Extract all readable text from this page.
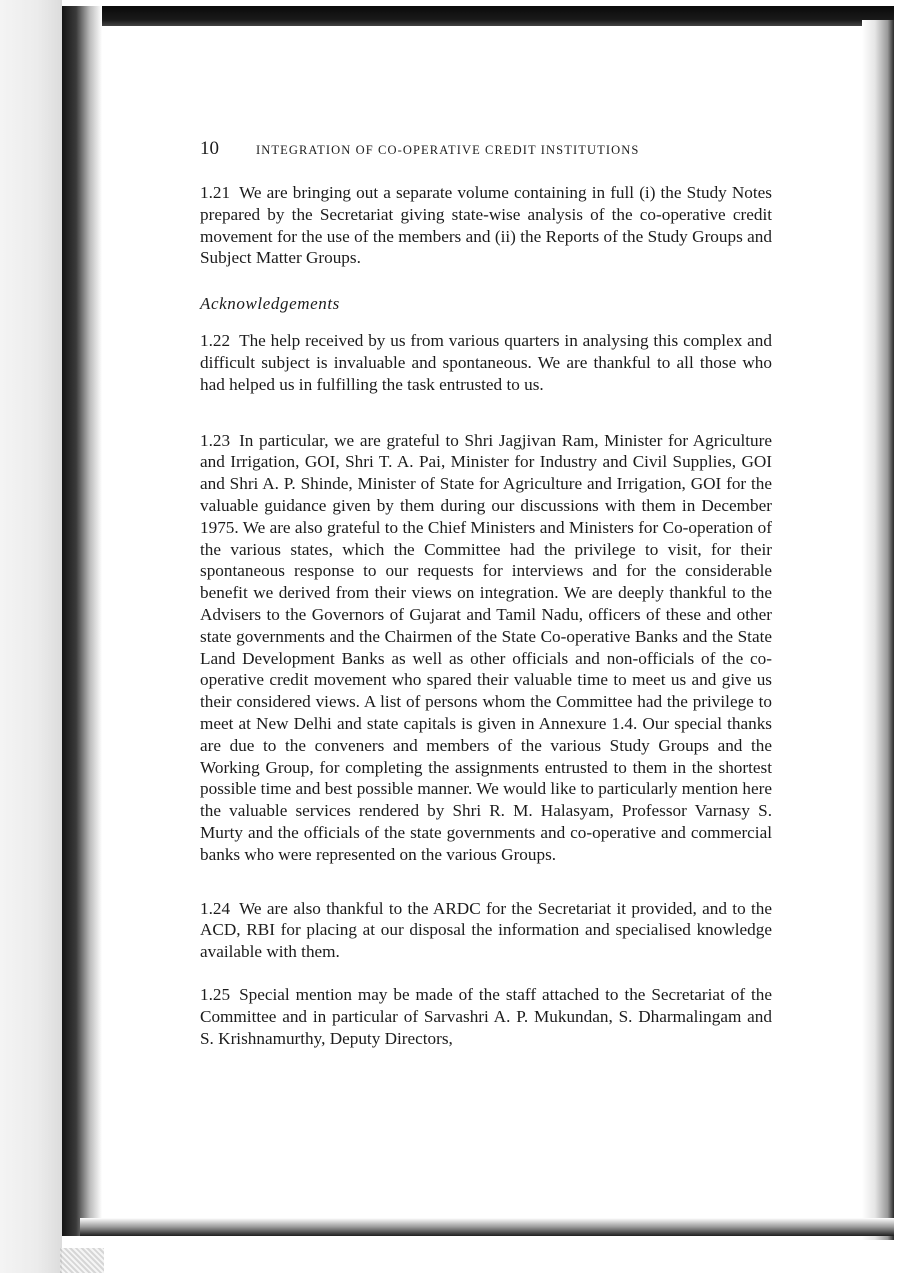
10	INTEGRATION OF CO-OPERATIVE CREDIT INSTITUTIONS

1.21 We are bringing out a separate volume containing in full (i) the Study Notes prepared by the Secretariat giving state-wise analysis of the co-operative credit movement for the use of the members and (ii) the Reports of the Study Groups and Subject Matter Groups.

Acknowledgements

1.22 The help received by us from various quarters in analysing this complex and difficult subject is invaluable and spontaneous. We are thankful to all those who had helped us in fulfilling the task entrusted to us.

1.23 In particular, we are grateful to Shri Jagjivan Ram, Minister for Agriculture and Irrigation, GOI, Shri T. A. Pai, Minister for Industry and Civil Supplies, GOI and Shri A. P. Shinde, Minister of State for Agriculture and Irrigation, GOI for the valuable guidance given by them during our discussions with them in December 1975. We are also grateful to the Chief Ministers and Ministers for Co-operation of the various states, which the Committee had the privilege to visit, for their spontaneous response to our requests for interviews and for the considerable benefit we derived from their views on integration. We are deeply thankful to the Advisers to the Governors of Gujarat and Tamil Nadu, officers of these and other state governments and the Chairmen of the State Co-operative Banks and the State Land Development Banks as well as other officials and non-officials of the co-operative credit movement who spared their valuable time to meet us and give us their considered views. A list of persons whom the Committee had the privilege to meet at New Delhi and state capitals is given in Annexure 1.4. Our special thanks are due to the conveners and members of the various Study Groups and the Working Group, for completing the assignments entrusted to them in the shortest possible time and best possible manner. We would like to particularly mention here the valuable services rendered by Shri R. M. Halasyam, Professor Varnasy S. Murty and the officials of the state governments and co-operative and commercial banks who were represented on the various Groups.

1.24 We are also thankful to the ARDC for the Secretariat it provided, and to the ACD, RBI for placing at our disposal the information and specialised knowledge available with them.

1.25 Special mention may be made of the staff attached to the Secretariat of the Committee and in particular of Sarvashri A. P. Mukundan, S. Dharmalingam and S. Krishnamurthy, Deputy Directors,
